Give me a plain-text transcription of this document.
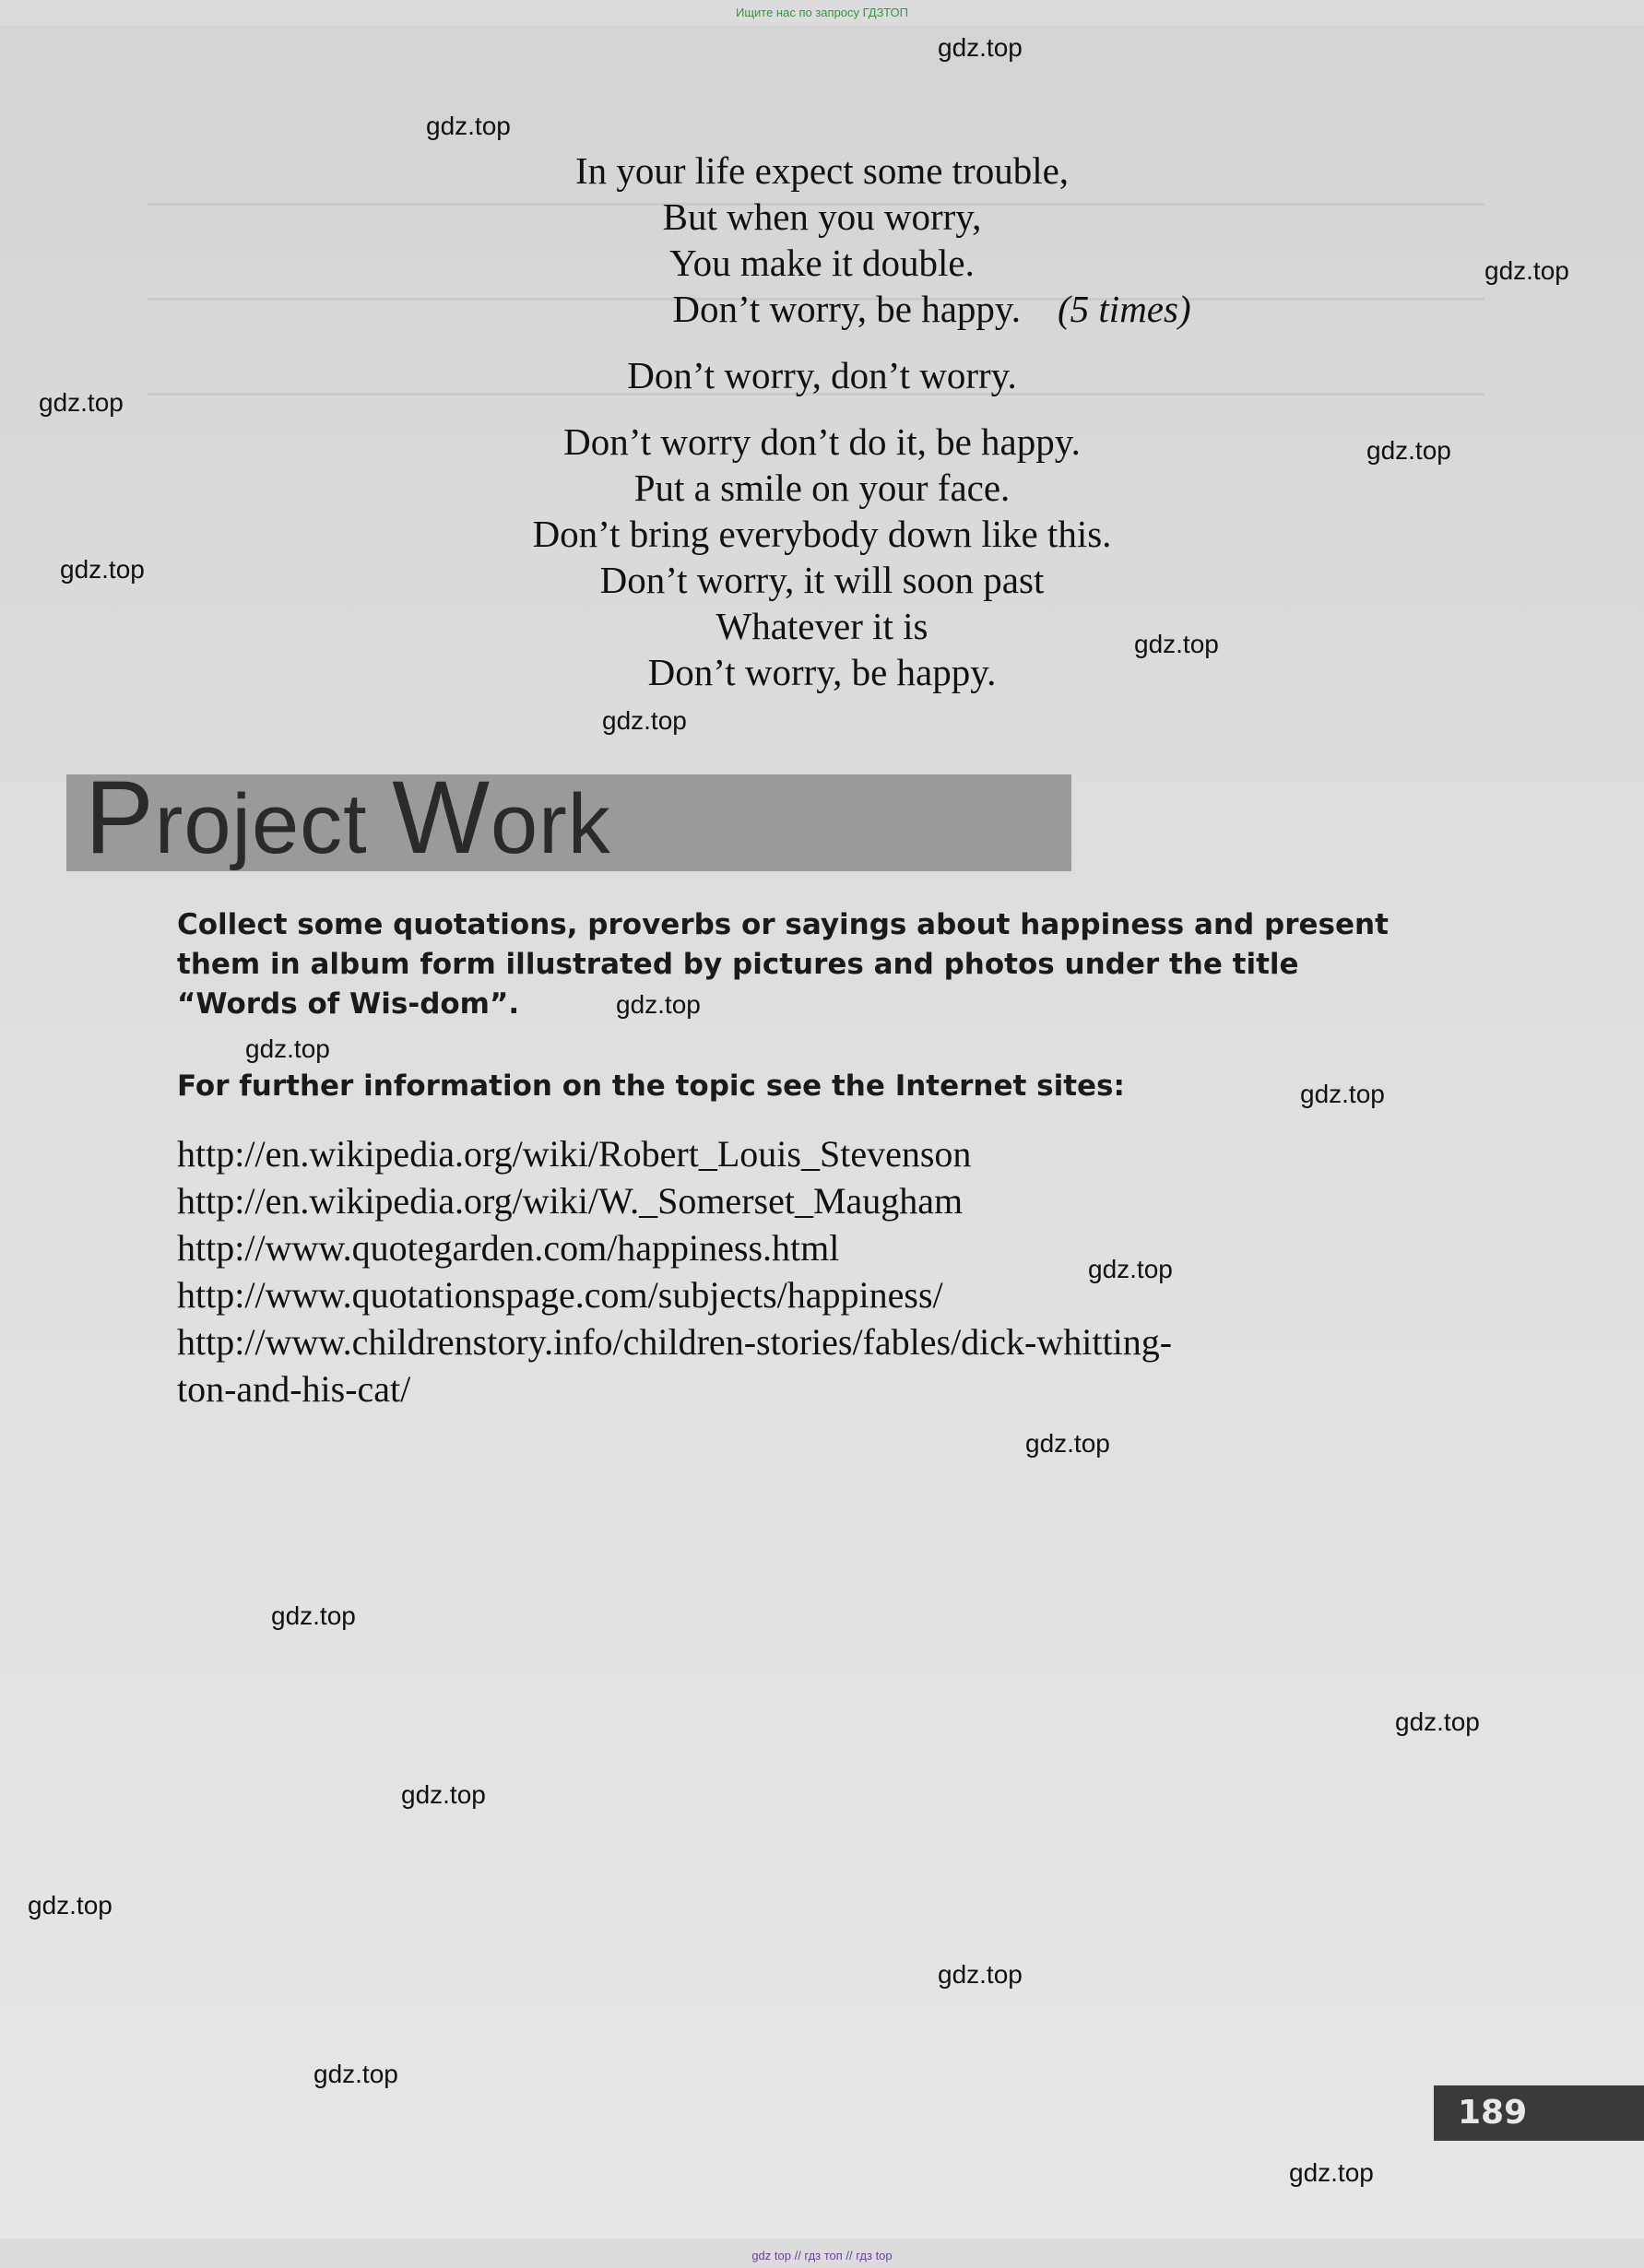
Ищите нас по запросу ГДЗТОП
In your life expect some trouble,
But when you worry,
You make it double.
Don’t worry, be happy. (5 times)
Don’t worry, don’t worry.
Don’t worry don’t do it, be happy.
Put a smile on your face.
Don’t bring everybody down like this.
Don’t worry, it will soon past
Whatever it is
Don’t worry, be happy.
Project Work
Collect some quotations, proverbs or sayings about happiness and present them in album form illustrated by pictures and photos under the title “Words of Wis-dom”.
For further information on the topic see the Internet sites:
http://en.wikipedia.org/wiki/Robert_Louis_Stevenson
http://en.wikipedia.org/wiki/W._Somerset_Maugham
http://www.quotegarden.com/happiness.html
http://www.quotationspage.com/subjects/happiness/
http://www.childrenstory.info/children-stories/fables/dick-whitting-
ton-and-his-cat/
189
gdz.top
gdz.top
gdz.top
gdz.top
gdz.top
gdz.top
gdz.top
gdz.top
gdz.top
gdz.top
gdz.top
gdz.top
gdz.top
gdz.top
gdz.top
gdz.top
gdz.top
gdz.top
gdz.top
gdz.top
gdz top // гдз топ // гдз top
